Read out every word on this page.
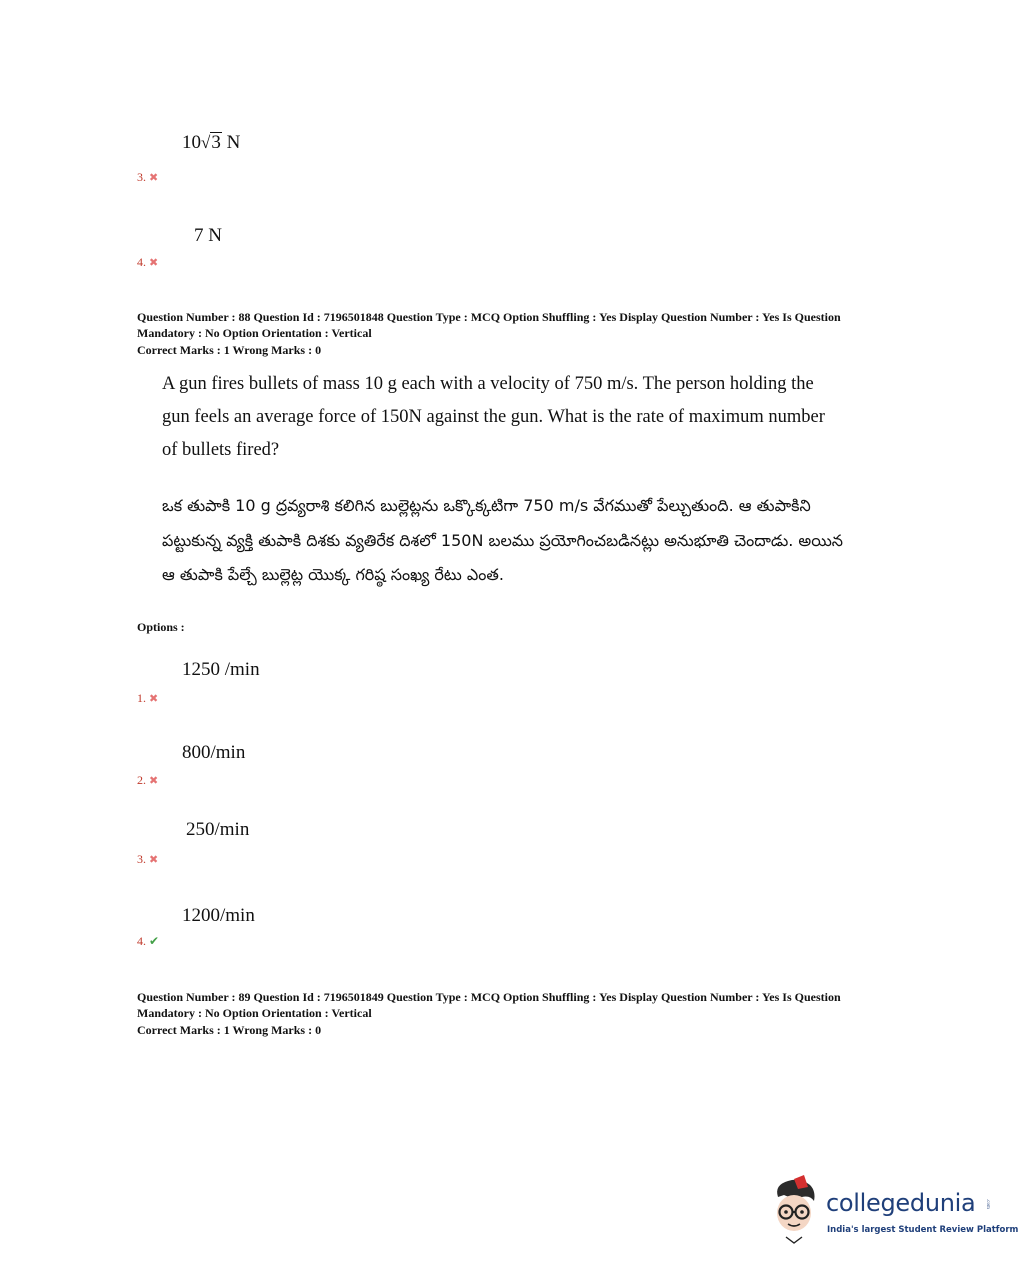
10√3 N
3. ✖
7 N
4. ✖
Question Number : 88 Question Id : 7196501848 Question Type : MCQ Option Shuffling : Yes Display Question Number : Yes Is Question
Mandatory : No Option Orientation : Vertical
Correct Marks : 1 Wrong Marks : 0
A gun fires bullets of mass 10 g each with a velocity of 750 m/s. The person holding the gun feels an average force of 150N against the gun. What is the rate of maximum number of bullets fired?
ఒక తుపాకి 10 g ద్రవ్యరాశి కలిగిన బుల్లెట్లను ఒక్కొక్కటిగా 750 m/s వేగముతో పేల్చుతుంది. ఆ తుపాకిని పట్టుకున్న వ్యక్తి తుపాకి దిశకు వ్యతిరేక దిశలో 150N బలము ప్రయోగించబడినట్లు అనుభూతి చెందాడు. అయిన ఆ తుపాకి పేల్చే బుల్లెట్ల యొక్క గరిష్ఠ సంఖ్య రేటు ఎంత.
Options :
1250 /min
1. ✖
800/min
2. ✖
250/min
3. ✖
1200/min
4. ✔
Question Number : 89 Question Id : 7196501849 Question Type : MCQ Option Shuffling : Yes Display Question Number : Yes Is Question
Mandatory : No Option Orientation : Vertical
Correct Marks : 1 Wrong Marks : 0
collegedunia .com
India's largest Student Review Platform
